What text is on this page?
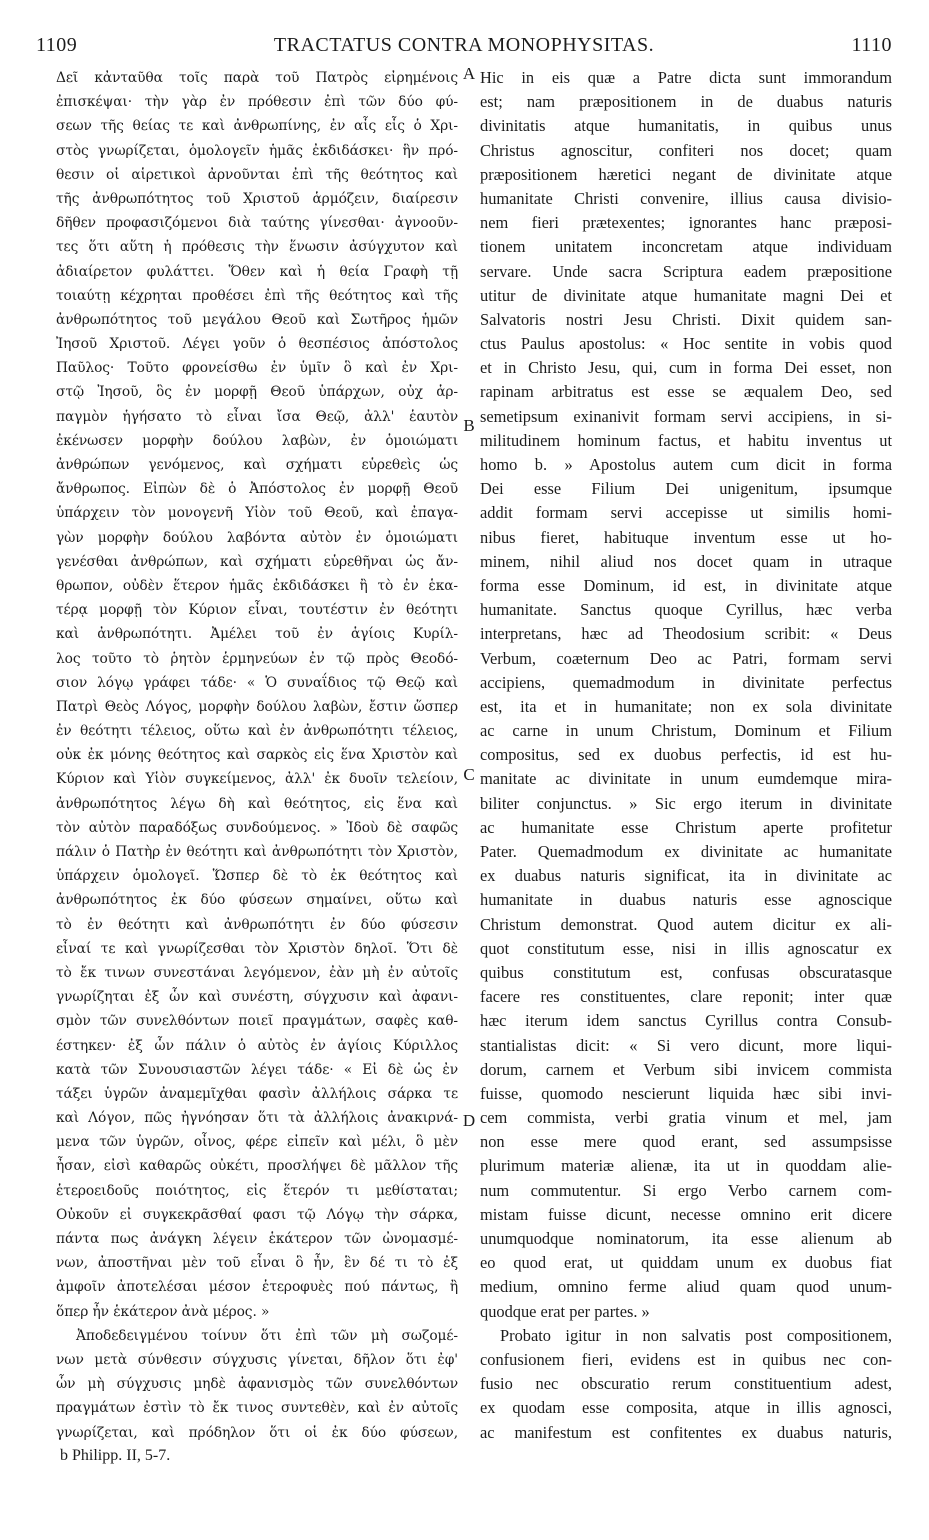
1109	TRACTATUS CONTRA MONOPHYSITAS.	1110
Δεῖ κἀνταῦθα τοῖς παρὰ τοῦ Πατρὸς εἰρημένοις
ἐπισκέψαι· τὴν γὰρ ἐν πρόθεσιν ἐπὶ τῶν δύο φύ-
σεων τῆς θείας τε καὶ ἀνθρωπίνης, ἐν αἷς εἷς ὁ Χρι-
στὸς γνωρίζεται, ὁμολογεῖν ἡμᾶς ἐκδιδάσκει· ἣν πρό-
θεσιν οἱ αἱρετικοὶ ἀρνοῦνται ἐπὶ τῆς θεότητος καὶ
τῆς ἀνθρωπότητος τοῦ Χριστοῦ ἁρμόζειν, διαίρεσιν
δῆθεν προφασιζόμενοι διὰ ταύτης γίνεσθαι· ἀγνοοῦν-
τες ὅτι αὕτη ἡ πρόθεσις τὴν ἕνωσιν ἀσύγχυτον καὶ
ἀδιαίρετον φυλάττει. Ὅθεν καὶ ἡ θεία Γραφὴ τῇ
τοιαύτῃ κέχρηται προθέσει ἐπὶ τῆς θεότητος καὶ τῆς
ἀνθρωπότητος τοῦ μεγάλου Θεοῦ καὶ Σωτῆρος ἡμῶν
Ἰησοῦ Χριστοῦ. Λέγει γοῦν ὁ θεσπέσιος ἀπόστολος
Παῦλος· Τοῦτο φρονείσθω ἐν ὑμῖν ὃ καὶ ἐν Χρι-
στῷ Ἰησοῦ, ὃς ἐν μορφῇ Θεοῦ ὑπάρχων, οὐχ ἁρ-
παγμὸν ἡγήσατο τὸ εἶναι ἴσα Θεῷ, ἀλλ' ἑαυτὸν
ἐκένωσεν μορφὴν δούλου λαβὼν, ἐν ὁμοιώματι
ἀνθρώπων γενόμενος, καὶ σχήματι εὑρεθεὶς ὡς
ἄνθρωπος. Εἰπὼν δὲ ὁ Ἀπόστολος ἐν μορφῇ Θεοῦ
ὑπάρχειν τὸν μονογενῆ Υἱὸν τοῦ Θεοῦ, καὶ ἐπαγα-
γὼν μορφὴν δούλου λαβόντα αὐτὸν ἐν ὁμοιώματι
γενέσθαι ἀνθρώπων, καὶ σχήματι εὑρεθῆναι ὡς ἄν-
θρωπον, οὐδὲν ἕτερον ἡμᾶς ἐκδιδάσκει ἢ τὸ ἐν ἑκα-
τέρᾳ μορφῇ τὸν Κύριον εἶναι, τουτέστιν ἐν θεότητι
καὶ ἀνθρωπότητι. Ἀμέλει τοῦ ἐν ἁγίοις Κυρίλ-
λος τοῦτο τὸ ῥητὸν ἑρμηνεύων ἐν τῷ πρὸς Θεοδό-
σιον λόγῳ γράφει τάδε· « Ὁ συναΐδιος τῷ Θεῷ καὶ
Πατρὶ Θεὸς Λόγος, μορφὴν δούλου λαβὼν, ἔστιν ὥσπερ
ἐν θεότητι τέλειος, οὕτω καὶ ἐν ἀνθρωπότητι τέλειος,
οὐκ ἐκ μόνης θεότητος καὶ σαρκὸς εἰς ἕνα Χριστὸν καὶ
Κύριον καὶ Υἱὸν συγκείμενος, ἀλλ' ἐκ δυοῖν τελείοιν,
ἀνθρωπότητος λέγω δὴ καὶ θεότητος, εἰς ἕνα καὶ
τὸν αὐτὸν παραδόξως συνδούμενος. » Ἰδοὺ δὲ σαφῶς
πάλιν ὁ Πατὴρ ἐν θεότητι καὶ ἀνθρωπότητι τὸν Χριστὸν,
ὑπάρχειν ὁμολογεῖ. Ὥσπερ δὲ τὸ ἐκ θεότητος καὶ
ἀνθρωπότητος ἐκ δύο φύσεων σημαίνει, οὕτω καὶ
τὸ ἐν θεότητι καὶ ἀνθρωπότητι ἐν δύο φύσεσιν
εἶναί τε καὶ γνωρίζεσθαι τὸν Χριστὸν δηλοῖ. Ὅτι δὲ
τὸ ἔκ τινων συνεστάναι λεγόμενον, ἐὰν μὴ ἐν αὐτοῖς
γνωρίζηται ἐξ ὧν καὶ συνέστη, σύγχυσιν καὶ ἀφανι-
σμὸν τῶν συνελθόντων ποιεῖ πραγμάτων, σαφὲς καθ-
έστηκεν· ἐξ ὧν πάλιν ὁ αὐτὸς ἐν ἁγίοις Κύριλλος
κατὰ τῶν Συνουσιαστῶν λέγει τάδε· « Εἰ δὲ ὡς ἐν
τάξει ὑγρῶν ἀναμεμῖχθαι φασὶν ἀλλήλοις σάρκα τε
καὶ Λόγον, πῶς ἠγνόησαν ὅτι τὰ ἀλλήλοις ἀνακιρνά-
μενα τῶν ὑγρῶν, οἶνος, φέρε εἰπεῖν καὶ μέλι, ὃ μὲν
ἦσαν, εἰσὶ καθαρῶς οὐκέτι, προσλήψει δὲ μᾶλλον τῆς
ἑτεροειδοῦς ποιότητος, εἰς ἕτερόν τι μεθίσταται;
Οὐκοῦν εἰ συγκεκρᾶσθαί φασι τῷ Λόγῳ τὴν σάρκα,
πάντα πως ἀνάγκη λέγειν ἑκάτερον τῶν ὠνομασμέ-
νων, ἀποστῆναι μὲν τοῦ εἶναι ὃ ἦν, ἓν δέ τι τὸ ἐξ
ἀμφοῖν ἀποτελέσαι μέσον ἑτεροφυὲς πού πάντως, ἢ
ὅπερ ἦν ἑκάτερον ἀνὰ μέρος. »
Ἀποδεδειγμένου τοίνυν ὅτι ἐπὶ τῶν μὴ σωζομέ-
νων μετὰ σύνθεσιν σύγχυσις γίνεται, δῆλον ὅτι ἐφ'
ὧν μὴ σύγχυσις μηδὲ ἀφανισμὸς τῶν συνελθόντων
πραγμάτων ἐστὶν τὸ ἔκ τινος συντεθὲν, καὶ ἐν αὐτοῖς
γνωρίζεται, καὶ πρόδηλον ὅτι οἱ ἐκ δύο φύσεων,
Hic in eis quæ a Patre dicta sunt immorandum
est; nam præpositionem in de duabus naturis
divinitatis atque humanitatis, in quibus unus
Christus agnoscitur, confiteri nos docet; quam
præpositionem hæretici negant de divinitate atque
humanitate Christi convenire, illius causa divisio-
nem fieri prætexentes; ignorantes hanc præposi-
tionem unitatem inconcretam atque individuam
servare. Unde sacra Scriptura eadem præpositione
utitur de divinitate atque humanitate magni Dei et
Salvatoris nostri Jesu Christi. Dixit quidem san-
ctus Paulus apostolus: « Hoc sentite in vobis quod
et in Christo Jesu, qui, cum in forma Dei esset, non
rapinam arbitratus est esse se æqualem Deo, sed
semetipsum exinanivit formam servi accipiens, in si-
militudinem hominum factus, et habitu inventus ut
homo b. » Apostolus autem cum dicit in forma
Dei esse Filium Dei unigenitum, ipsumque
addit formam servi accepisse ut similis homi-
nibus fieret, habituque inventum esse ut ho-
minem, nihil aliud nos docet quam in utraque
forma esse Dominum, id est, in divinitate atque
humanitate. Sanctus quoque Cyrillus, hæc verba
interpretans, hæc ad Theodosium scribit: « Deus
Verbum, coæternum Deo ac Patri, formam servi
accipiens, quemadmodum in divinitate perfectus
est, ita et in humanitate; non ex sola divinitate
ac carne in unum Christum, Dominum et Filium
compositus, sed ex duobus perfectis, id est hu-
manitate ac divinitate in unum eumdemque mira-
biliter conjunctus. » Sic ergo iterum in divinitate
ac humanitate esse Christum aperte profitetur
Pater. Quemadmodum ex divinitate ac humanitate
ex duabus naturis significat, ita in divinitate ac
humanitate in duabus naturis esse agnoscique
Christum demonstrat. Quod autem dicitur ex ali-
quot constitutum esse, nisi in illis agnoscatur ex
quibus constitutum est, confusas obscuratasque
facere res constituentes, clare reponit; inter quæ
hæc iterum idem sanctus Cyrillus contra Consub-
stantialistas dicit: « Si vero dicunt, more liqui-
dorum, carnem et Verbum sibi invicem commista
fuisse, quomodo nescierunt liquida hæc sibi invi-
cem commista, verbi gratia vinum et mel, jam
non esse mere quod erant, sed assumpsisse
plurimum materiæ alienæ, ita ut in quoddam alie-
num commutentur. Si ergo Verbo carnem com-
mistam fuisse dicunt, necesse omnino erit dicere
unumquodque nominatorum, ita esse alienum ab
eo quod erat, ut quiddam unum ex duobus fiat
medium, omnino ferme aliud quam quod unum-
quodque erat per partes. »
Probato igitur in non salvatis post compositionem,
confusionem fieri, evidens est in quibus nec con-
fusio nec obscuratio rerum constituentium adest,
ex quodam esse composita, atque in illis agnosci,
ac manifestum est confitentes ex duabus naturis,
A
B
C
D
b Philipp. II, 5-7.
